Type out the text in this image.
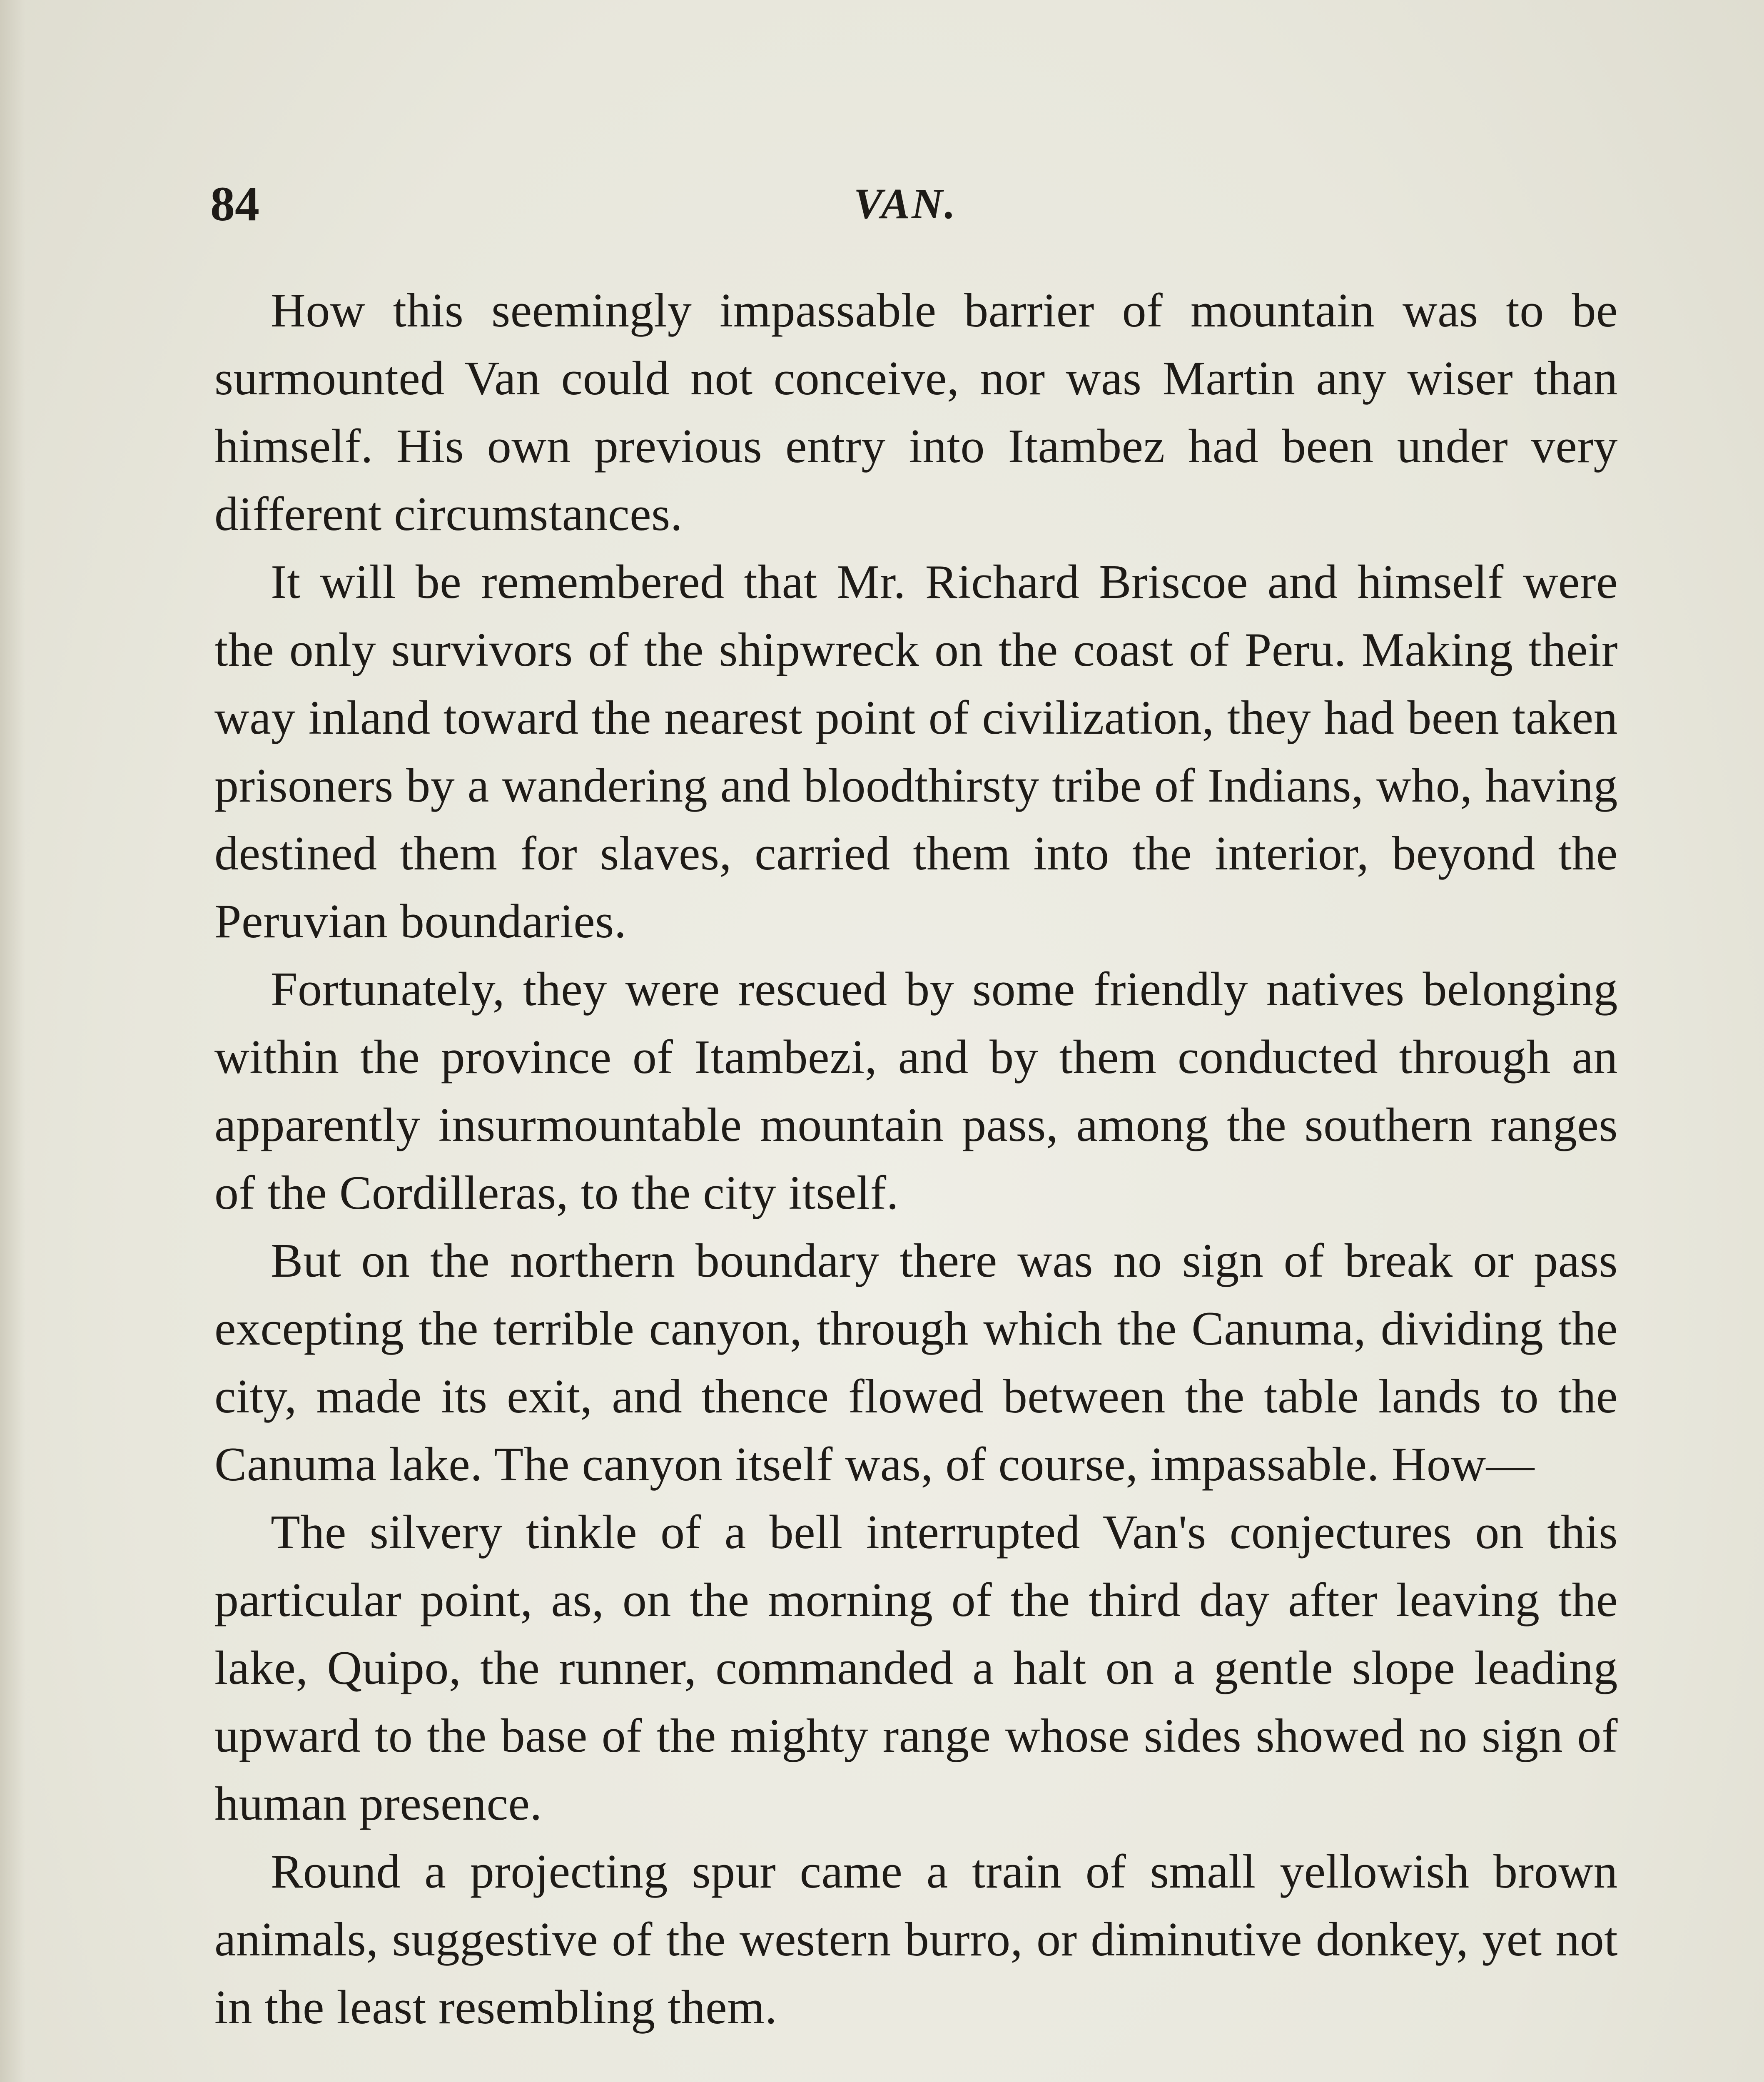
84	VAN.

How this seemingly impassable barrier of mountain was to be surmounted Van could not conceive, nor was Martin any wiser than himself. His own previous entry into Itambez had been under very different circumstances.

It will be remembered that Mr. Richard Briscoe and himself were the only survivors of the shipwreck on the coast of Peru. Making their way inland toward the nearest point of civilization, they had been taken prisoners by a wandering and bloodthirsty tribe of Indians, who, having destined them for slaves, carried them into the interior, beyond the Peruvian boundaries.

Fortunately, they were rescued by some friendly natives belonging within the province of Itambezi, and by them conducted through an apparently insurmountable mountain pass, among the southern ranges of the Cordilleras, to the city itself.

But on the northern boundary there was no sign of break or pass excepting the terrible canyon, through which the Canuma, dividing the city, made its exit, and thence flowed between the table lands to the Canuma lake. The canyon itself was, of course, impassable. How—

The silvery tinkle of a bell interrupted Van's conjectures on this particular point, as, on the morning of the third day after leaving the lake, Quipo, the runner, commanded a halt on a gentle slope leading upward to the base of the mighty range whose sides showed no sign of human presence.

Round a projecting spur came a train of small yellowish brown animals, suggestive of the western burro, or diminutive donkey, yet not in the least resembling them.
